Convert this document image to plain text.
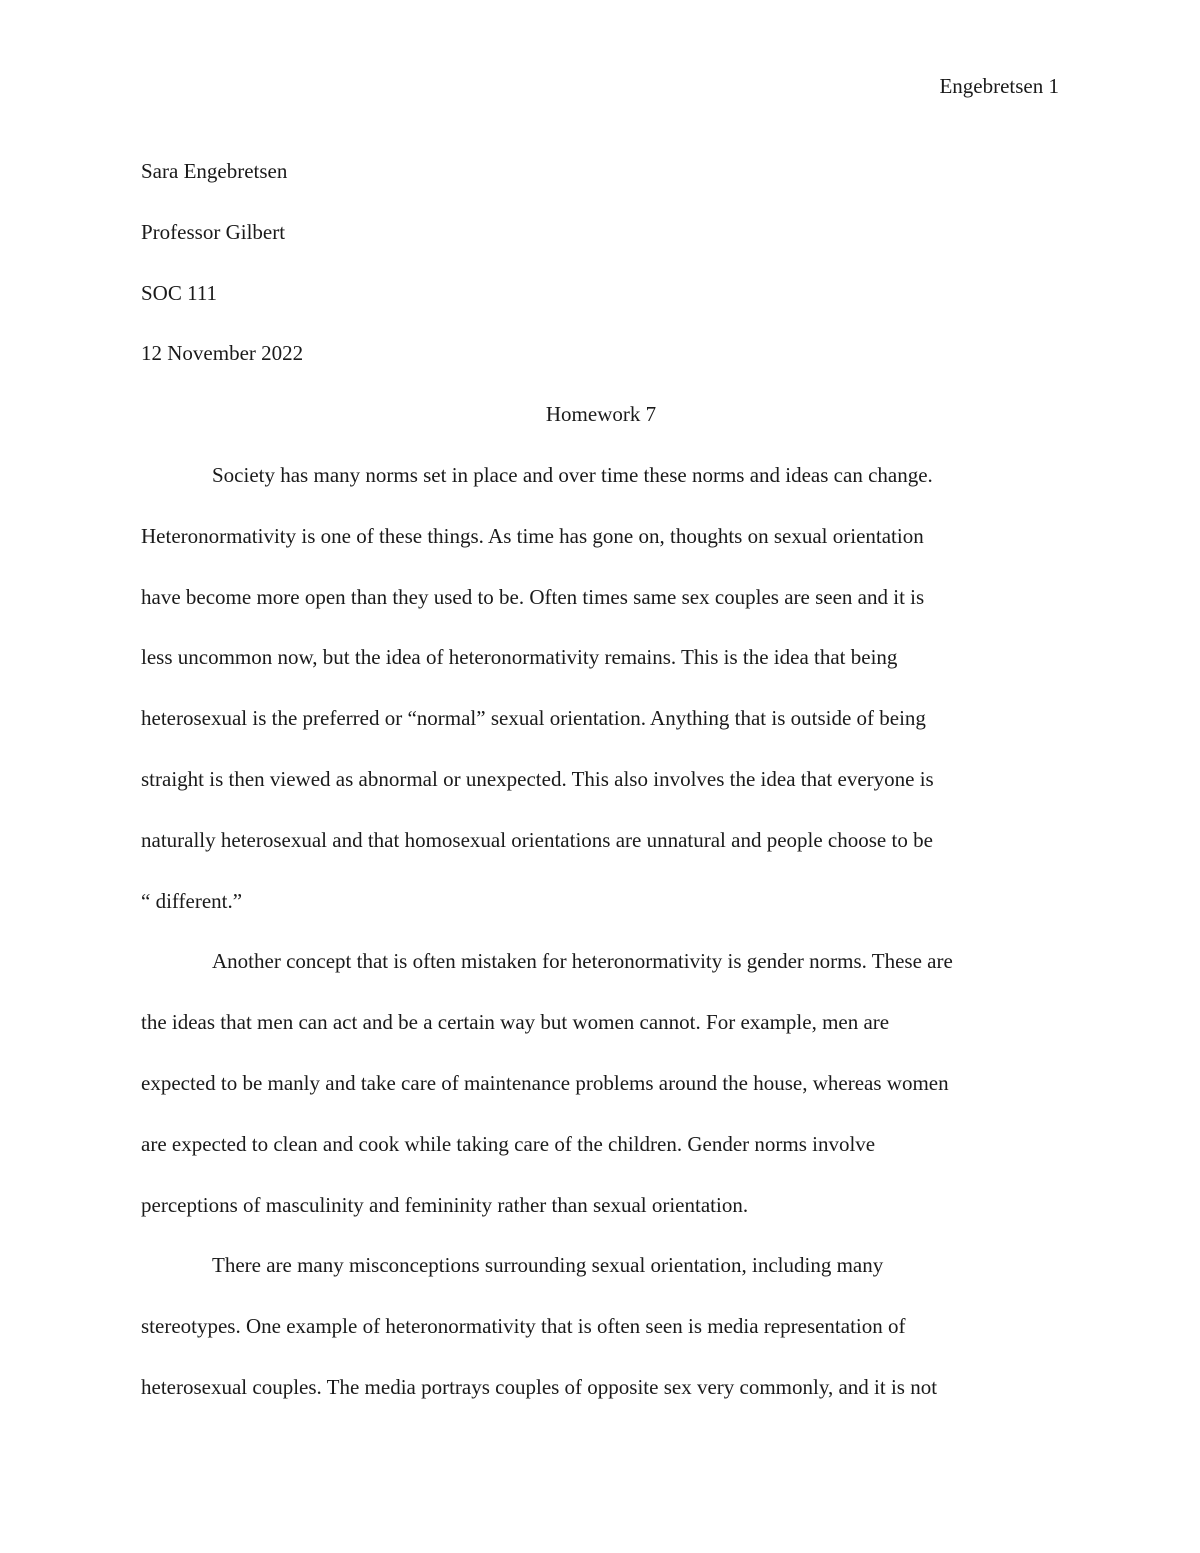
Engebretsen 1
Sara Engebretsen
Professor Gilbert
SOC 111
12 November 2022
Homework 7
Society has many norms set in place and over time these norms and ideas can change.
Heteronormativity is one of these things. As time has gone on, thoughts on sexual orientation
have become more open than they used to be. Often times same sex couples are seen and it is
less uncommon now, but the idea of heteronormativity remains. This is the idea that being
heterosexual is the preferred or “normal” sexual orientation. Anything that is outside of being
straight is then viewed as abnormal or unexpected. This also involves the idea that everyone is
naturally heterosexual and that homosexual orientations are unnatural and people choose to be
“ different.”
Another concept that is often mistaken for heteronormativity is gender norms. These are
the ideas that men can act and be a certain way but women cannot. For example, men are
expected to be manly and take care of maintenance problems around the house, whereas women
are expected to clean and cook while taking care of the children. Gender norms involve
perceptions of masculinity and femininity rather than sexual orientation.
There are many misconceptions surrounding sexual orientation, including many
stereotypes. One example of heteronormativity that is often seen is media representation of
heterosexual couples. The media portrays couples of opposite sex very commonly, and it is not
